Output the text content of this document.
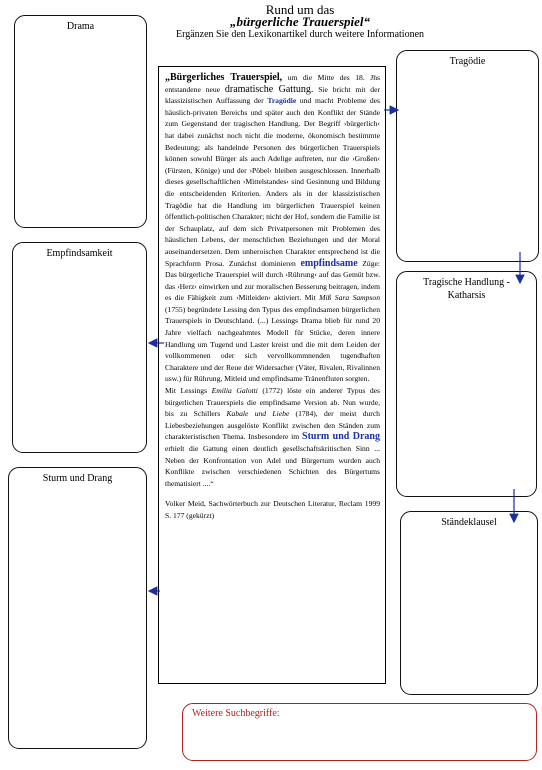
Rund um das
„bürgerliche Trauerspiel“
Ergänzen Sie den Lexikonartikel durch weitere Informationen
Drama
Empfindsamkeit
Sturm und Drang
Tragödie
Tragische Handlung - Katharsis
Ständeklausel

„Bürgerliches Trauerspiel, um die Mitte des 18. Jhs entstandene neue dramatische Gattung. Sie bricht mit der klassizistischen Auffassung der Tragödie und macht Probleme des häuslich-privaten Bereichs und später auch den Konflikt der Stände zum Gegenstand der tragischen Handlung. Der Begriff ›bürgerlich‹ hat dabei zunächst noch nicht die moderne, ökonomisch bestimmte Bedeutung; als handelnde Personen des bürgerlichen Trauerspiels können sowohl Bürger als auch Adelige auftreten, nur die ›Großen‹ (Fürsten, Könige) und der ›Pöbel‹ bleiben ausgeschlossen. Innerhalb dieses gesellschaftlichen ›Mittelstandes‹ sind Gesinnung und Bildung die entscheidenden Kriterien. Anders als in der klassizistischen Tragödie hat die Handlung im bürgerlichen Trauerspiel keinen öffentlich-politischen Charakter; nicht der Hof, sondern die Familie ist der Schauplatz, auf dem sich Privatpersonen mit Problemen des häuslichen Lebens, der menschlichen Beziehungen und der Moral auseinandersetzen. Dem unheroischen Charakter entsprechend ist die Sprachform Prosa. Zunächst dominieren empfindsame Züge: Das bürgerliche Trauerspiel will durch ›Rührung‹ auf das Gemüt bzw. das ›Herz‹ einwirken und zur moralischen Besserung beitragen, indem es die Fähigkeit zum ›Mitleiden‹ aktiviert. Mit Miß Sara Sampson (1755) begründete Lessing den Typus des empfindsamen bürgerlichen Trauerspiels in Deutschland. (...) Lessings Drama blieb für rund 20 Jahre vielfach nachgeahmtes Modell für Stücke, deren innere Handlung um Tugend und Laster kreist und die mit dem Leiden der vollkommenen oder sich vervollkommnenden tugendhaften Charaktere und der Reue der Widersacher (Väter, Rivalen, Rivalinnen usw.) für Rührung, Mitleid und empfindsame Tränenfluten sorgten.

Mit Lessings Emilia Galotti (1772) löste ein anderer Typus des bürgerlichen Trauerspiels die empfindsame Version ab. Nun wurde, bis zu Schillers Kabale und Liebe (1784), der meist durch Liebesbeziehungen ausgelöste Konflikt zwischen den Ständen zum charakteristischen Thema. Insbesondere im Sturm und Drang erhielt die Gattung einen deutlich gesellschaftskritischen Sinn ... Neben der Konfrontation von Adel und Bürgertum wurden auch Konflikte zwischen verschiedenen Schichten des Bürgertums thematisiert ....“

Volker Meid, Sachwörterbuch zur Deutschen Literatur, Reclam 1999 S. 177 (gekürzt)

Weitere Suchbegriffe:
